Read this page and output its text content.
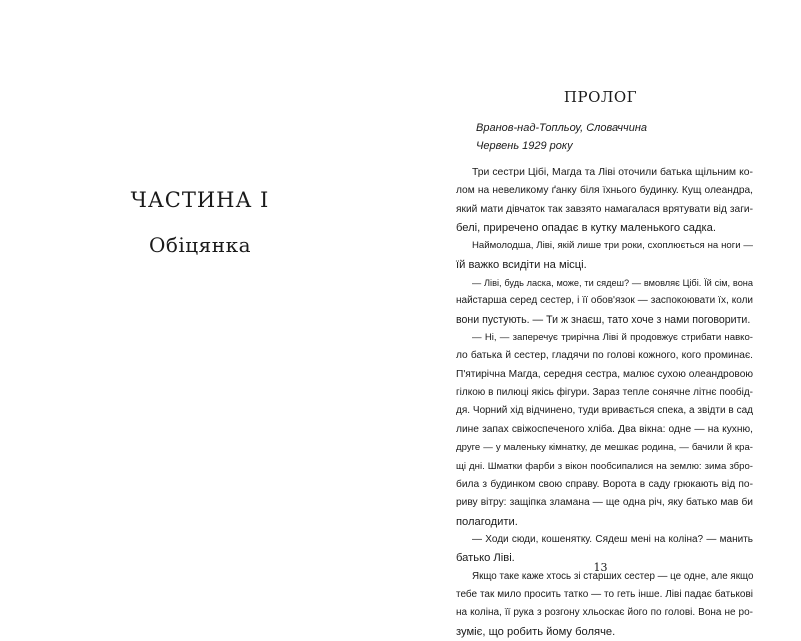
ЧАСТИНА І
Обіцянка
ПРОЛОГ
Вранов-над-Топльоу, Словаччина
Червень 1929 року
Три сестри Цібі, Магда та Ліві оточили батька щільним ко-
лом на невеликому ґанку біля їхнього будинку. Кущ олеандра,
який мати дівчаток так завзято намагалася врятувати від заги-
белі, приречено опадає в кутку маленького садка.
Наймолодша, Ліві, якій лише три роки, схоплюється на ноги —
їй важко всидіти на місці.
— Ліві, будь ласка, може, ти сядеш? — вмовляє Цібі. Їй сім, вона
найстарша серед сестер, і її обов'язок — заспокоювати їх, коли
вони пустують. — Ти ж знаєш, тато хоче з нами поговорити.
— Ні, — заперечує трирічна Ліві й продовжує стрибати навко-
ло батька й сестер, гладячи по голові кожного, кого проминає.
П'ятирічна Магда, середня сестра, малює сухою олеандровою
гілкою в пилюці якісь фігури. Зараз тепле сонячне літнє пообід-
дя. Чорний хід відчинено, туди вривається спека, а звідти в сад
лине запах свіжоспеченого хліба. Два вікна: одне — на кухню,
друге — у маленьку кімнатку, де мешкає родина, — бачили й кра-
щі дні. Шматки фарби з вікон пообсипалися на землю: зима збро-
била з будинком свою справу. Ворота в саду грюкають від по-
риву вітру: защіпка зламана — ще одна річ, яку батько мав би
полагодити.
— Ходи сюди, кошенятку. Сядеш мені на коліна? — манить
батько Ліві.
Якщо таке каже хтось зі старших сестер — це одне, але якщо
тебе так мило просить татко — то геть інше. Ліві падає батькові
на коліна, її рука з розгону хльоскає його по голові. Вона не ро-
зуміє, що робить йому боляче.
13
